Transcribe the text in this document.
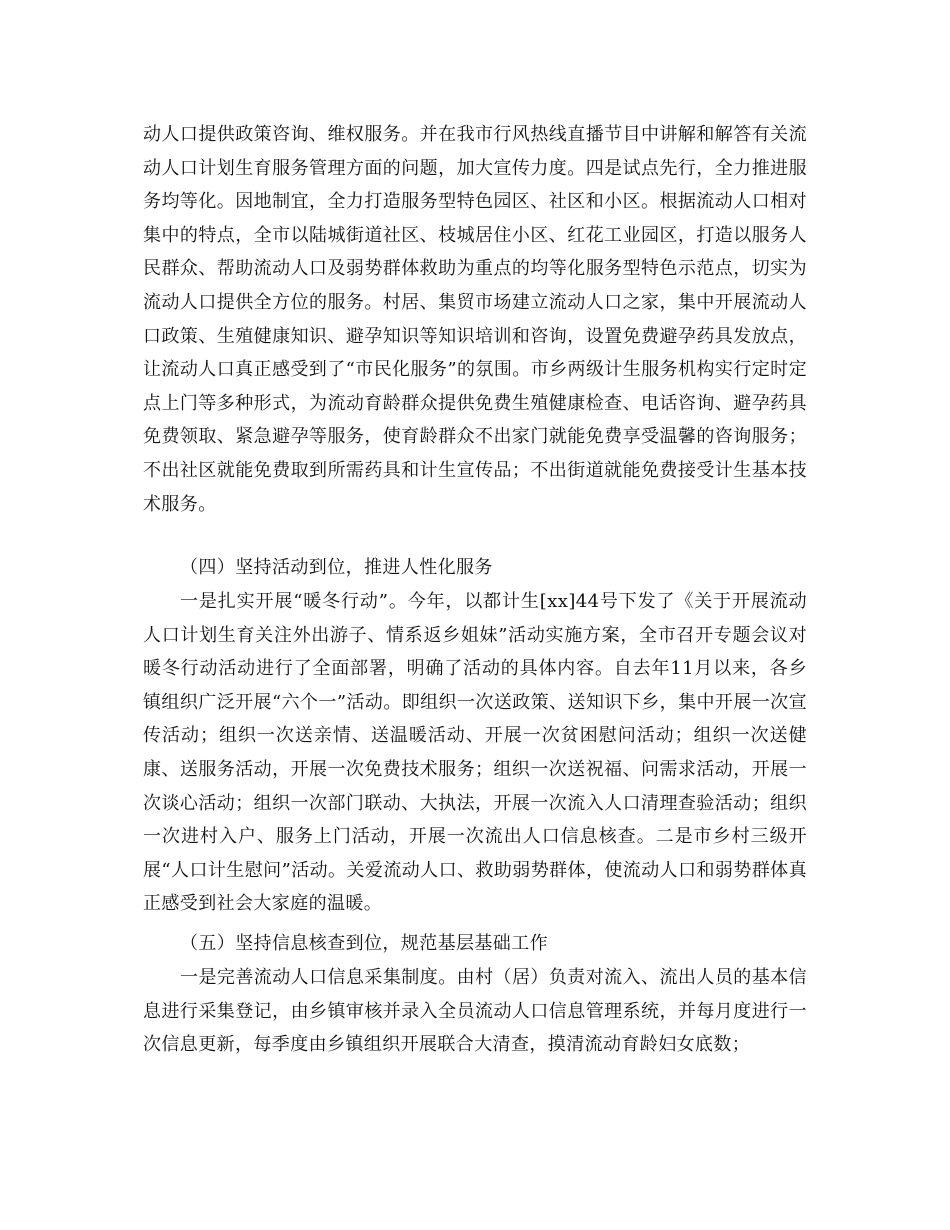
动人口提供政策咨询、维权服务。并在我市行风热线直播节目中讲解和解答有关流动人口计划生育服务管理方面的问题，加大宣传力度。四是试点先行，全力推进服务均等化。因地制宜，全力打造服务型特色园区、社区和小区。根据流动人口相对集中的特点，全市以陆城街道社区、枝城居住小区、红花工业园区，打造以服务人民群众、帮助流动人口及弱势群体救助为重点的均等化服务型特色示范点，切实为流动人口提供全方位的服务。村居、集贸市场建立流动人口之家，集中开展流动人口政策、生殖健康知识、避孕知识等知识培训和咨询，设置免费避孕药具发放点，让流动人口真正感受到了“市民化服务”的氛围。市乡两级计生服务机构实行定时定点上门等多种形式，为流动育龄群众提供免费生殖健康检查、电话咨询、避孕药具免费领取、紧急避孕等服务，使育龄群众不出家门就能免费享受温馨的咨询服务；不出社区就能免费取到所需药具和计生宣传品；不出街道就能免费接受计生基本技术服务。

（四）坚持活动到位，推进人性化服务

一是扎实开展“暖冬行动”。今年，以都计生[xx]44号下发了《关于开展流动人口计划生育关注外出游子、情系返乡姐妹”活动实施方案，全市召开专题会议对暖冬行动活动进行了全面部署，明确了活动的具体内容。自去年11月以来，各乡镇组织广泛开展“六个一”活动。即组织一次送政策、送知识下乡，集中开展一次宣传活动；组织一次送亲情、送温暖活动、开展一次贫困慰问活动；组织一次送健康、送服务活动，开展一次免费技术服务；组织一次送祝福、问需求活动，开展一次谈心活动；组织一次部门联动、大执法，开展一次流入人口清理查验活动；组织一次进村入户、服务上门活动，开展一次流出人口信息核查。二是市乡村三级开展“人口计生慰问”活动。关爱流动人口、救助弱势群体，使流动人口和弱势群体真正感受到社会大家庭的温暖。

（五）坚持信息核查到位，规范基层基础工作

一是完善流动人口信息采集制度。由村（居）负责对流入、流出人员的基本信息进行采集登记，由乡镇审核并录入全员流动人口信息管理系统，并每月度进行一次信息更新，每季度由乡镇组织开展联合大清查，摸清流动育龄妇女底数；
